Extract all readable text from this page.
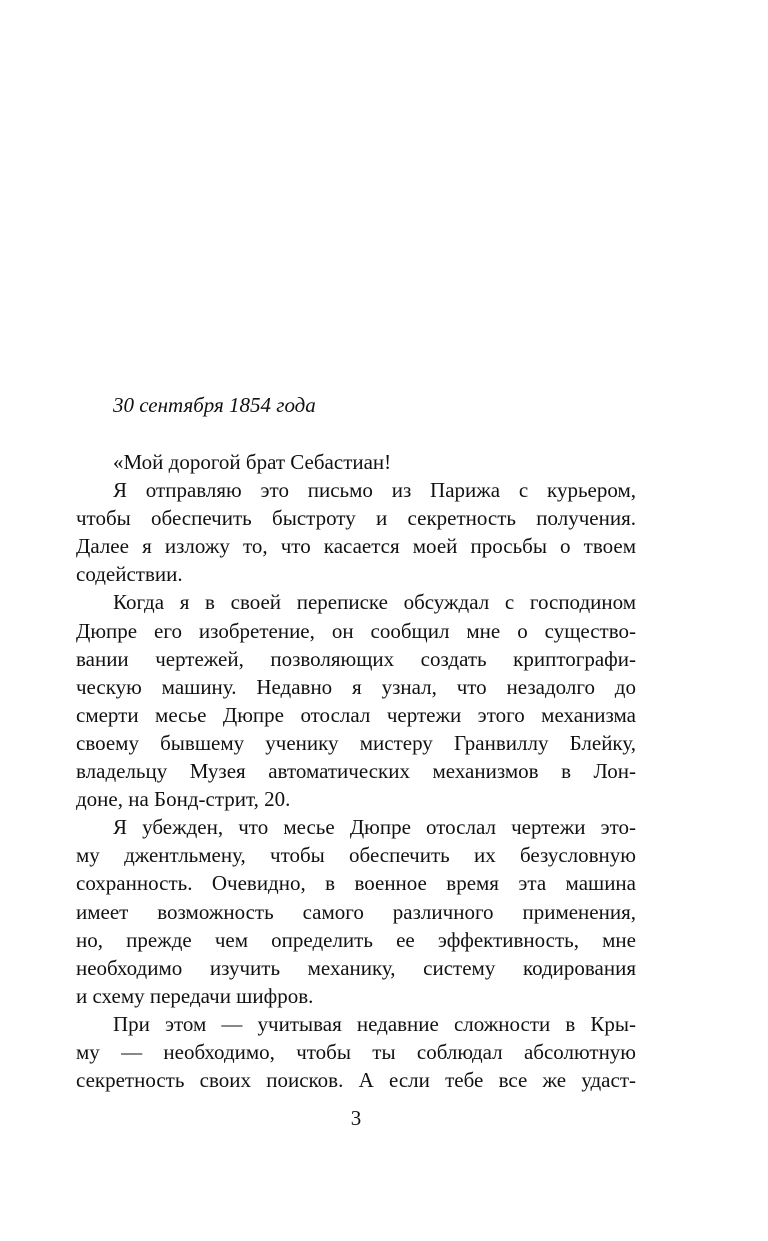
30 сентября 1854 года
«Мой дорогой брат Себастиан!
Я отправляю это письмо из Парижа с курьером,
чтобы обеспечить быстроту и секретность получения.
Далее я изложу то, что касается моей просьбы о твоем
содействии.
Когда я в своей переписке обсуждал с господином
Дюпре его изобретение, он сообщил мне о существо-
вании чертежей, позволяющих создать криптографи-
ческую машину. Недавно я узнал, что незадолго до
смерти месье Дюпре отослал чертежи этого механизма
своему бывшему ученику мистеру Гранвиллу Блейку,
владельцу Музея автоматических механизмов в Лон-
доне, на Бонд-стрит, 20.
Я убежден, что месье Дюпре отослал чертежи это-
му джентльмену, чтобы обеспечить их безусловную
сохранность. Очевидно, в военное время эта машина
имеет возможность самого различного применения,
но, прежде чем определить ее эффективность, мне
необходимо изучить механику, систему кодирования
и схему передачи шифров.
При этом — учитывая недавние сложности в Кры-
му — необходимо, чтобы ты соблюдал абсолютную
секретность своих поисков. А если тебе все же удаст-
3
